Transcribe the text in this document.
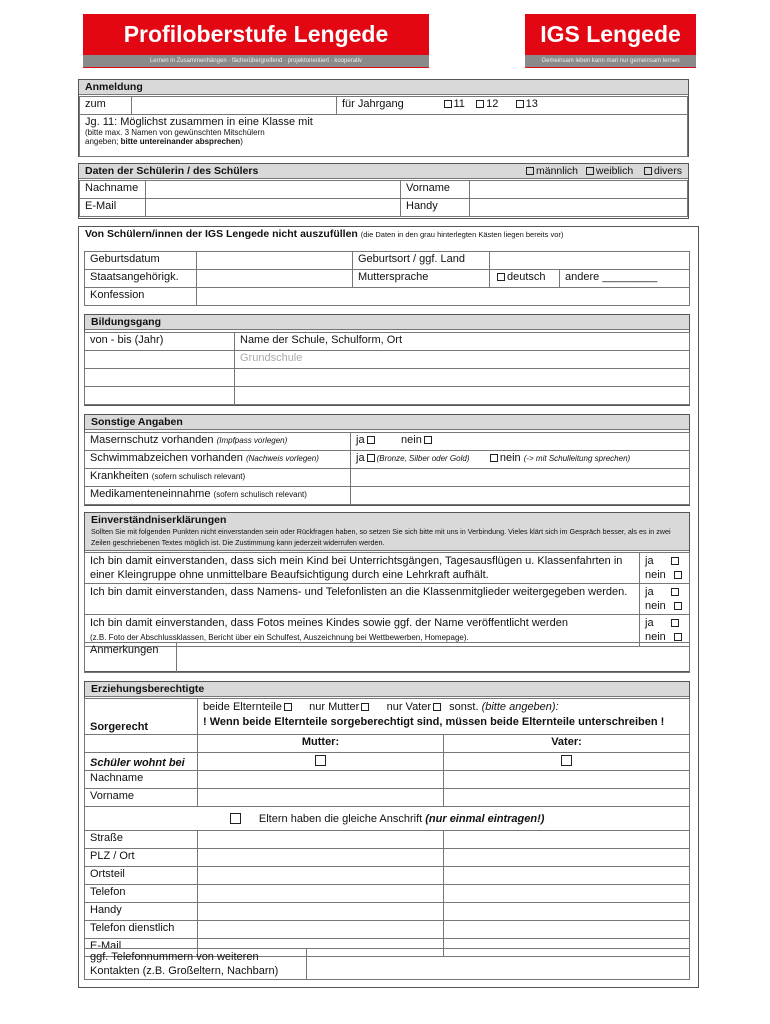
Profiloberstufe Lengede
Lernen in Zusammenhängen · fächerübergreifend · projektorientiert · kooperativ
IGS Lengede
Gemeinsam leben kann man nur gemeinsam lernen
Anmeldung
zum		für Jahrgang	11 12 13

Jg. 11: Möglichst zusammen in eine Klasse mit
(bitte max. 3 Namen von gewünschten Mitschülern
angeben; bitte untereinander absprechen)
Daten der Schülerin / des Schülers	männlich weiblich divers
Nachname		Vorname	
E-Mail		Handy	
Von Schülern/innen der IGS Lengede nicht auszufüllen (die Daten in den grau hinterlegten Kästen liegen bereits vor)
Geburtsdatum		Geburtsort / ggf. Land		
Staatsangehörigk.		Muttersprache	deutsch	andere _________
Konfession				
Bildungsgang
von - bis (Jahr)	Name der Schule, Schulform, Ort
	Grundschule

Sonstige Angaben
Masernschutz vorhanden (Impfpass vorlegen)	ja nein
Schwimmabzeichen vorhanden (Nachweis vorlegen)	ja (Bronze, Silber oder Gold) nein (-> mit Schulleitung sprechen)
Krankheiten (sofern schulisch relevant)	
Medikamenteneinnahme (sofern schulisch relevant)	
Einverständniserklärungen
Sollten Sie mit folgenden Punkten nicht einverstanden sein oder Rückfragen haben, so setzen Sie sich bitte mit uns in Verbindung. Vieles klärt sich im Gespräch besser, als es in zwei Zeilen geschriebenen Textes möglich ist. Die Zustimmung kann jederzeit widerrufen werden.
Ich bin damit einverstanden, dass sich mein Kind bei Unterrichtsgängen, Tagesausflügen u. Klassenfahrten in einer Kleingruppe ohne unmittelbare Beaufsichtigung durch eine Lehrkraft aufhält.	ja
nein
Ich bin damit einverstanden, dass Namens- und Telefonlisten an die Klassenmitglieder weitergegeben werden.	ja
nein
Ich bin damit einverstanden, dass Fotos meines Kindes sowie ggf. der Name veröffentlicht werden
(z.B. Foto der Abschlussklassen, Bericht über ein Schulfest, Auszeichnung bei Wettbewerben, Homepage).	ja
nein
Anmerkungen	
Erziehungsberechtigte
Sorgerecht	beide Elternteile nur Mutter nur Vater sonst. (bitte angeben):
! Wenn beide Elternteile sorgeberechtigt sind, müssen beide Elternteile unterschreiben !	
	Mutter:	Vater:
Schüler wohnt bei		
Nachname		
Vorname		
Eltern haben die gleiche Anschrift (nur einmal eintragen!)		
Straße		
PLZ / Ort		
Ortsteil		
Telefon		
Handy		
Telefon dienstlich		
E-Mail		
ggf. Telefonnummern von weiteren
Kontakten (z.B. Großeltern, Nachbarn)	
